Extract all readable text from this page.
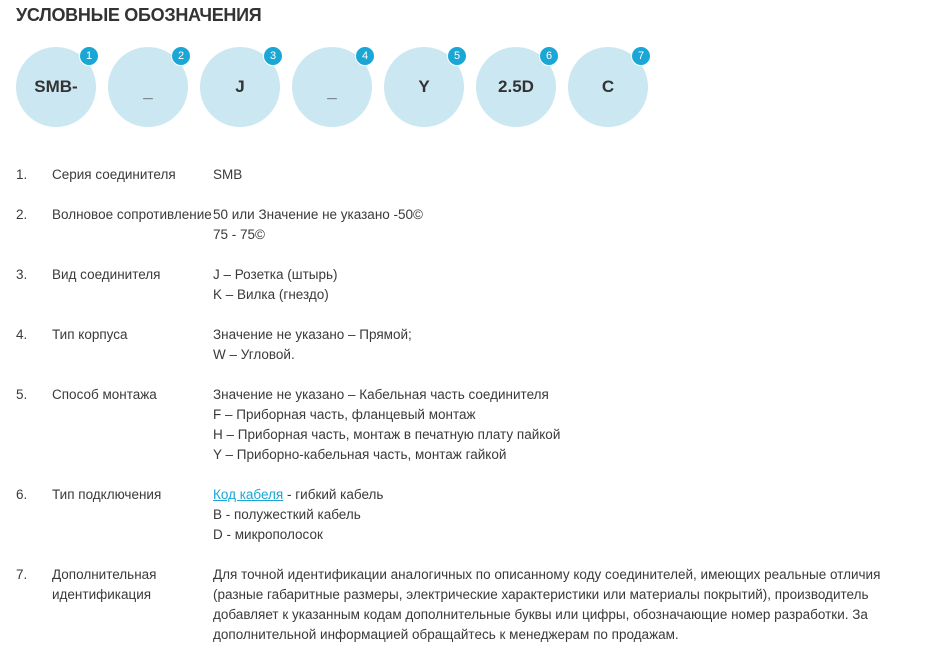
УСЛОВНЫЕ ОБОЗНАЧЕНИЯ
SMB-
1
_
2
J
3
_
4
Y
5
2.5D
6
C
7
1.	Серия соединителя	SMB
2.	Волновое сопротивление 50 или Значение не указано -50©
75 - 75©
3.	Вид соединителя	J – Розетка (штырь)
K – Вилка (гнездо)
4.	Тип корпуса	Значение не указано – Прямой;
W – Угловой.
5.	Способ монтажа	Значение не указано – Кабельная часть соединителя
F – Приборная часть, фланцевый монтаж
H – Приборная часть, монтаж в печатную плату пайкой
Y – Приборно-кабельная часть, монтаж гайкой
6.	Тип подключения	Код кабеля - гибкий кабель
B - полужесткий кабель
D - микрополосок
7.	Дополнительная идентификация
Для точной идентификации аналогичных по описанному коду соединителей, имеющих реальные отличия (разные габаритные размеры, электрические характеристики или материалы покрытий), производитель добавляет к указанным кодам дополнительные буквы или цифры, обозначающие номер разработки. За дополнительной информацией обращайтесь к менеджерам по продажам.
